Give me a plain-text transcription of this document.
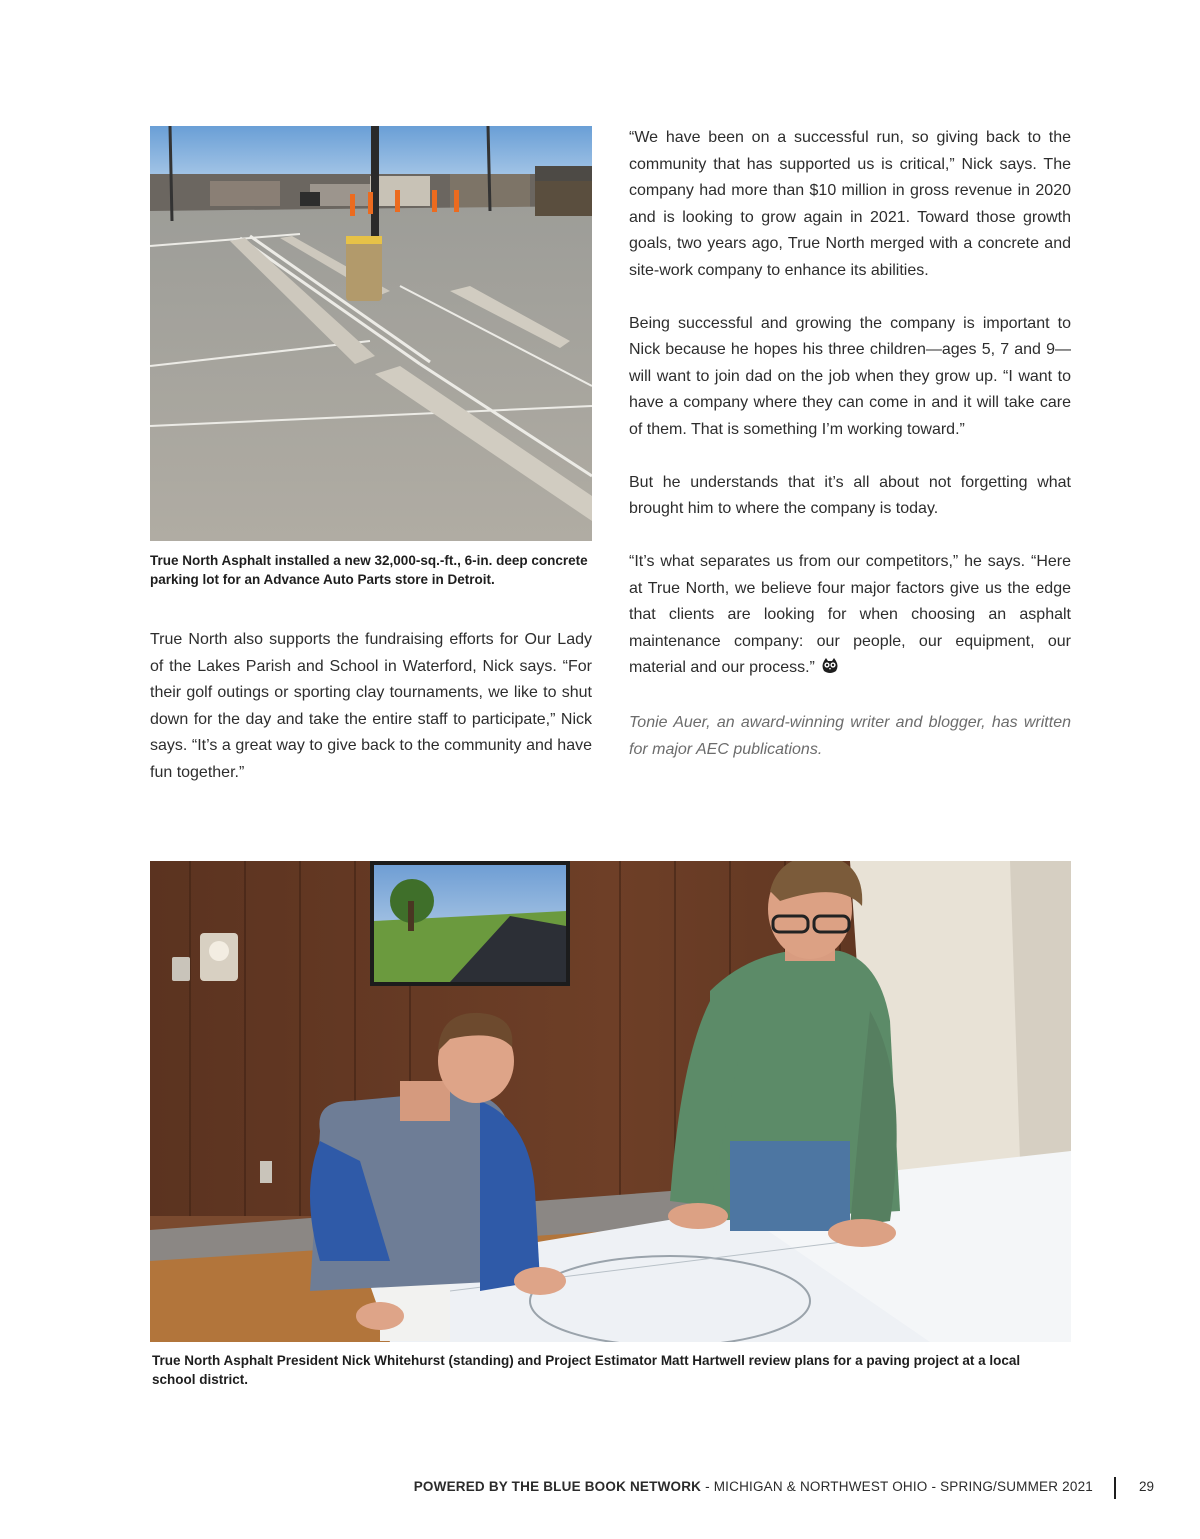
True North Asphalt installed a new 32,000-sq.-ft., 6-in. deep concrete parking lot for an Advance Auto Parts store in Detroit.

True North also supports the fundraising efforts for Our Lady of the Lakes Parish and School in Waterford, Nick says. “For their golf outings or sporting clay tournaments, we like to shut down for the day and take the entire staff to participate,” Nick says. “It’s a great way to give back to the community and have fun together.”

“We have been on a successful run, so giving back to the community that has supported us is critical,” Nick says. The company had more than $10 million in gross revenue in 2020 and is looking to grow again in 2021. Toward those growth goals, two years ago, True North merged with a concrete and site-work company to enhance its abilities.

Being successful and growing the company is important to Nick because he hopes his three children—ages 5, 7 and 9—will want to join dad on the job when they grow up. “I want to have a company where they can come in and it will take care of them. That is something I’m working toward.”

But he understands that it’s all about not forgetting what brought him to where the company is today.

“It’s what separates us from our competitors,” he says. “Here at True North, we believe four major factors give us the edge that clients are looking for when choosing an asphalt maintenance company: our people, our equipment, our material and our process.”

Tonie Auer, an award-winning writer and blogger, has written for major AEC publications.

True North Asphalt President Nick Whitehurst (standing) and Project Estimator Matt Hartwell review plans for a paving project at a local school district.
POWERED BY THE BLUE BOOK NETWORK - MICHIGAN & NORTHWEST OHIO - SPRING/SUMMER 2021	29
